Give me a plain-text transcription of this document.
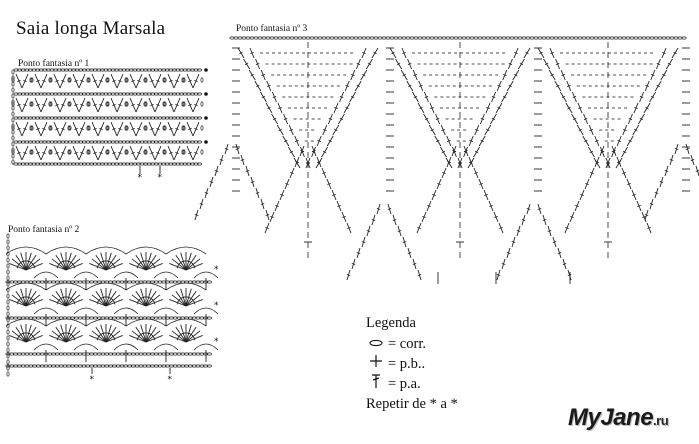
Saia longa Marsala
Ponto fantasia nº 1
* *
Ponto fantasia nº 2
*
*
*
*	*
Ponto fantasia nº 3
Legenda
= corr.
= p.b..
= p.a.
Repetir de * a *	MyJane.ru
